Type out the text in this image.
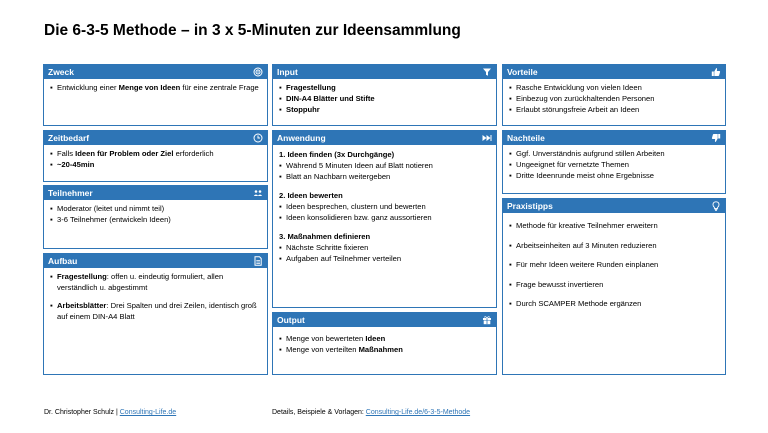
Die 6-3-5 Methode – in 3 x 5-Minuten zur Ideensammlung
Zweck
▪ Entwicklung einer Menge von Ideen für eine zentrale Frage
Zeitbedarf
▪ Falls Ideen für Problem oder Ziel erforderlich
▪ ~20-45min
Teilnehmer
▪ Moderator (leitet und nimmt teil)
▪ 3-6 Teilnehmer (entwickeln Ideen)
Aufbau
▪ Fragestellung: offen u. eindeutig formuliert, allen verständlich u. abgestimmt
▪ Arbeitsblätter: Drei Spalten und drei Zeilen, identisch groß auf einem DIN-A4 Blatt
Input
▪ Fragestellung
▪ DIN-A4 Blätter und Stifte
▪ Stoppuhr
Anwendung
1. Ideen finden (3x Durchgänge)
▪ Während 5 Minuten Ideen auf Blatt notieren
▪ Blatt an Nachbarn weitergeben
2. Ideen bewerten
▪ Ideen besprechen, clustern und bewerten
▪ Ideen konsolidieren bzw. ganz aussortieren
3. Maßnahmen definieren
▪ Nächste Schritte fixieren
▪ Aufgaben auf Teilnehmer verteilen
Output
▪ Menge von bewerteten Ideen
▪ Menge von verteilten Maßnahmen
Vorteile
▪ Rasche Entwicklung von vielen Ideen
▪ Einbezug von zurückhaltenden Personen
▪ Erlaubt störungsfreie Arbeit an Ideen
Nachteile
▪ Ggf. Unverständnis aufgrund stillen Arbeiten
▪ Ungeeignet für vernetzte Themen
▪ Dritte Ideenrunde meist ohne Ergebnisse
Praxistipps
▪ Methode für kreative Teilnehmer erweitern
▪ Arbeitseinheiten auf 3 Minuten reduzieren
▪ Für mehr Ideen weitere Runden einplanen
▪ Frage bewusst invertieren
▪ Durch SCAMPER Methode ergänzen
Dr. Christopher Schulz | Consulting-Life.de	Details, Beispiele & Vorlagen: Consulting-Life.de/6-3-5-Methode
